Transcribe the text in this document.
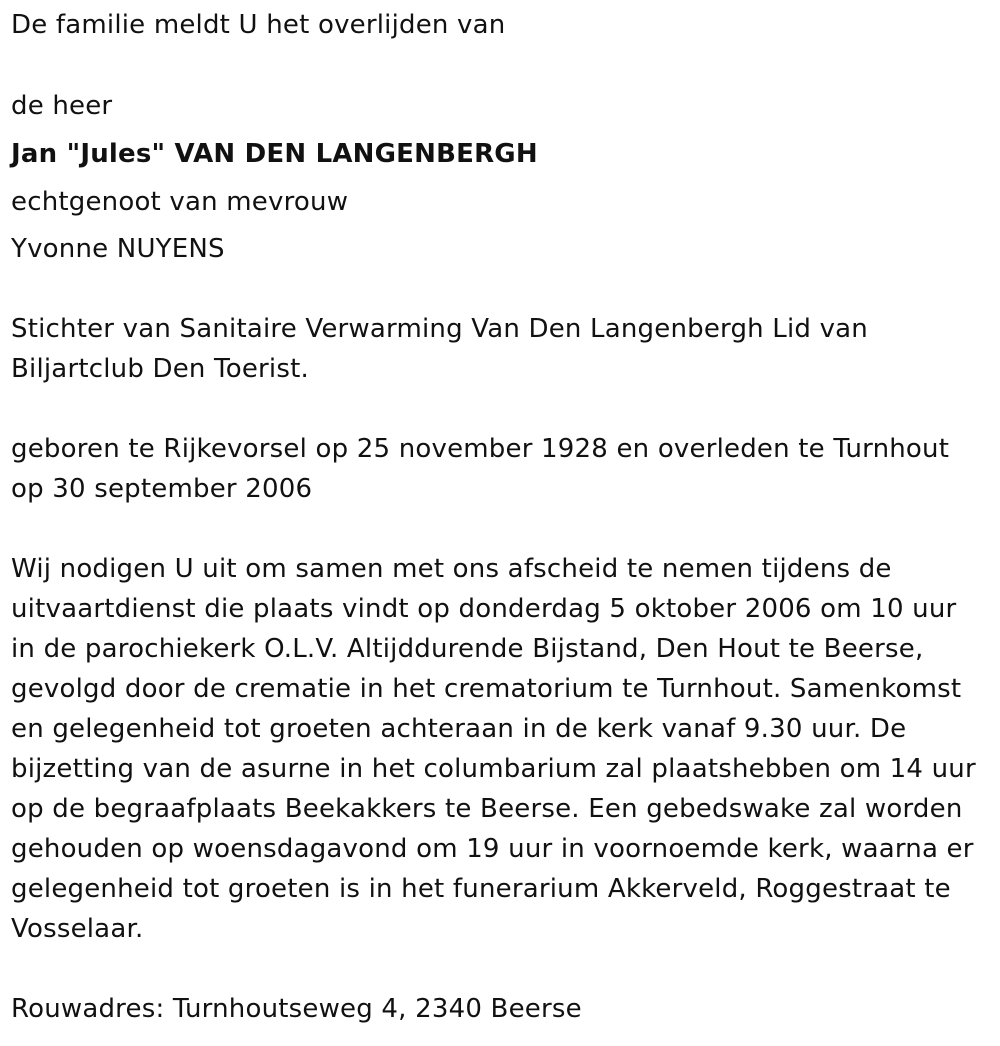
De familie meldt U het overlijden van
de heer
Jan "Jules" VAN DEN LANGENBERGH
echtgenoot van mevrouw
Yvonne NUYENS
Stichter van Sanitaire Verwarming Van Den Langenbergh Lid van
Biljartclub Den Toerist.
geboren te Rijkevorsel op 25 november 1928 en overleden te Turnhout
op 30 september 2006
Wij nodigen U uit om samen met ons afscheid te nemen tijdens de
uitvaartdienst die plaats vindt op donderdag 5 oktober 2006 om 10 uur
in de parochiekerk O.L.V. Altijddurende Bijstand, Den Hout te Beerse,
gevolgd door de crematie in het crematorium te Turnhout. Samenkomst
en gelegenheid tot groeten achteraan in de kerk vanaf 9.30 uur. De
bijzetting van de asurne in het columbarium zal plaatshebben om 14 uur
op de begraafplaats Beekakkers te Beerse. Een gebedswake zal worden
gehouden op woensdagavond om 19 uur in voornoemde kerk, waarna er
gelegenheid tot groeten is in het funerarium Akkerveld, Roggestraat te
Vosselaar.
Rouwadres: Turnhoutseweg 4, 2340 Beerse
